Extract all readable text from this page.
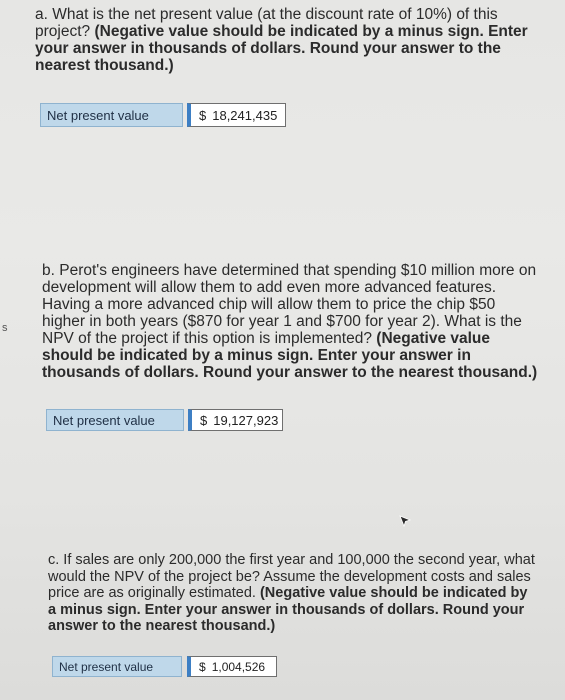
a. What is the net present value (at the discount rate of 10%) of this project? (Negative value should be indicated by a minus sign. Enter your answer in thousands of dollars. Round your answer to the nearest thousand.)

Net present value	$ 18,241,435
s

b. Perot's engineers have determined that spending $10 million more on development will allow them to add even more advanced features. Having a more advanced chip will allow them to price the chip $50 higher in both years ($870 for year 1 and $700 for year 2). What is the NPV of the project if this option is implemented? (Negative value should be indicated by a minus sign. Enter your answer in thousands of dollars. Round your answer to the nearest thousand.)

Net present value	$ 19,127,923

c. If sales are only 200,000 the first year and 100,000 the second year, what would the NPV of the project be? Assume the development costs and sales price are as originally estimated. (Negative value should be indicated by a minus sign. Enter your answer in thousands of dollars. Round your answer to the nearest thousand.)

Net present value	$ 1,004,526
